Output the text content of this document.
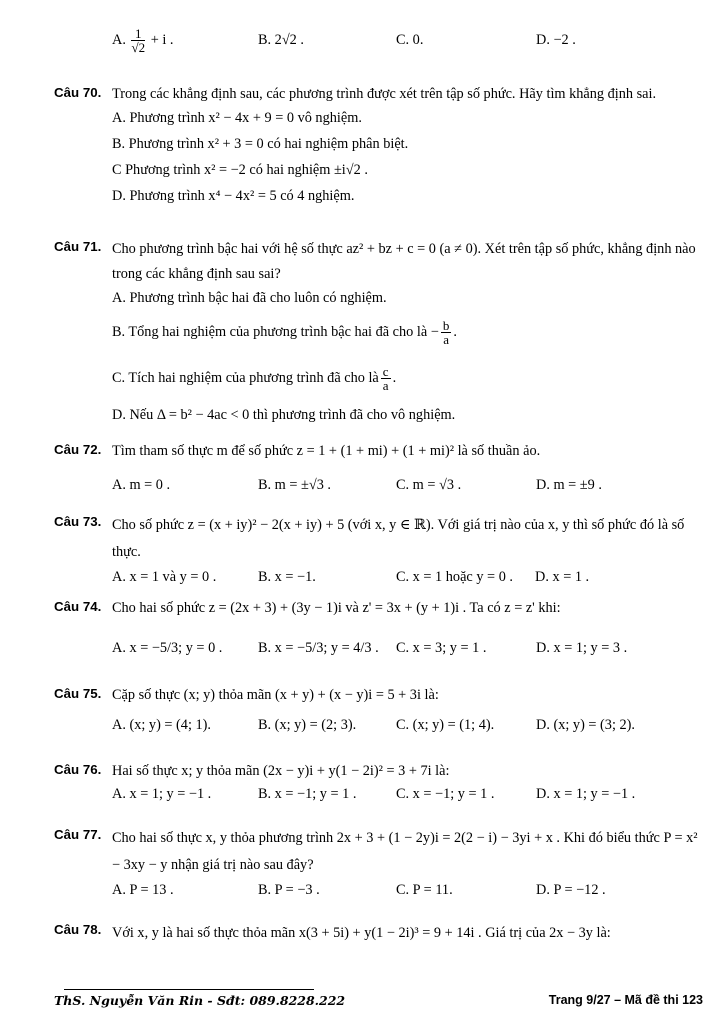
A. $\frac{1}{√2} + i$ .	B. 2√2 .	C. 0.	D. −2 .
Câu 70. Trong các khẳng định sau, các phương trình được xét trên tập số phức. Hãy tìm khẳng định sai.
A. Phương trình x² − 4x + 9 = 0 vô nghiệm.
B. Phương trình x² + 3 = 0 có hai nghiệm phân biệt.
C Phương trình x² = −2 có hai nghiệm ±i√2 .
D. Phương trình x⁴ − 4x² = 5 có 4 nghiệm.
Câu 71. Cho phương trình bậc hai với hệ số thực az² + bz + c = 0 (a ≠ 0). Xét trên tập số phức, khẳng định nào trong các khẳng định sau sai?
A. Phương trình bậc hai đã cho luôn có nghiệm.
B. Tổng hai nghiệm của phương trình bậc hai đã cho là − $\frac{b}{a}$ .
C. Tích hai nghiệm của phương trình đã cho là $\frac{c}{a}$ .
D. Nếu Δ = b² − 4ac < 0 thì phương trình đã cho vô nghiệm.
Câu 72. Tìm tham số thực m để số phức z = 1 + (1 + mi) + (1 + mi)² là số thuần ảo.
A. m = 0 .	B. m = ±√3 .	C. m = √3 .	D. m = ±9 .
Câu 73. Cho số phức z = (x + iy)² − 2(x + iy) + 5 (với x, y ∈ ℝ). Với giá trị nào của x, y thì số phức đó là số thực.
A. x = 1 và y = 0 .	B. x = −1.	C. x = 1 hoặc y = 0 . D. x = 1 .
Câu 74. Cho hai số phức z = (2x + 3) + (3y − 1)i và z' = 3x + (y + 1)i . Ta có z = z' khi:
A. x = −5/3; y = 0 . B. x = −5/3; y = 4/3 . C. x = 3; y = 1 .	D. x = 1; y = 3 .
Câu 75. Cặp số thực (x; y) thỏa mãn (x + y) + (x − y)i = 5 + 3i là:
A. (x; y) = (4; 1).	B. (x; y) = (2; 3).	C. (x; y) = (1; 4).	D. (x; y) = (3; 2).
Câu 76. Hai số thực x; y thỏa mãn (2x − y)i + y(1 − 2i)² = 3 + 7i là:
A. x = 1; y = −1 .	B. x = −1; y = 1 .	C. x = −1; y = 1 .	D. x = 1; y = −1 .
Câu 77. Cho hai số thực x, y thỏa phương trình 2x + 3 + (1 − 2y)i = 2(2 − i) − 3yi + x . Khi đó biểu thức P = x² − 3xy − y nhận giá trị nào sau đây?
A. P = 13 .	B. P = −3 .	C. P = 11.	D. P = −12 .
Câu 78. Với x, y là hai số thực thỏa mãn x(3 + 5i) + y(1 − 2i)³ = 9 + 14i . Giá trị của 2x − 3y là:
ThS. Nguyễn Văn Rin - Sđt: 089.8228.222	Trang 9/27 – Mã đề thi 123
